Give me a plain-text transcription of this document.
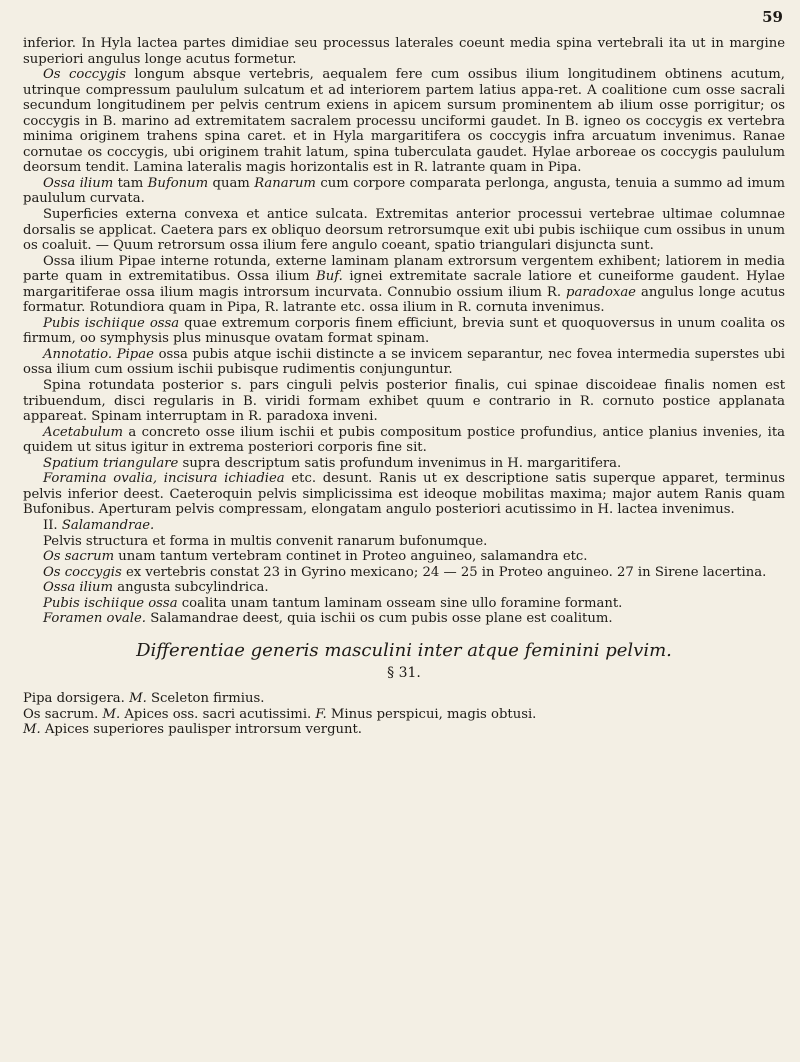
59

inferior. In Hyla lactea partes dimidiae seu processus laterales coeunt media spina vertebrali ita ut in margine superiori angulus longe acutus formetur.

Os coccygis longum absque vertebris, aequalem fere cum ossibus ilium longitudinem obtinens acutum, utrinque compressum paululum sulcatum et ad interiorem partem latius appa-ret. A coalitione cum osse sacrali secundum longitudinem per pelvis centrum exiens in apicem sursum prominentem ab ilium osse porrigitur; os coccygis in B. marino ad extremitatem sacralem processu unciformi gaudet. In B. igneo os coccygis ex vertebra minima originem trahens spina caret. et in Hyla margaritifera os coccygis infra arcuatum invenimus. Ranae cornutae os coccygis, ubi originem trahit latum, spina tuberculata gaudet. Hylae arboreae os coccygis paululum deorsum tendit. Lamina lateralis magis horizontalis est in R. latrante quam in Pipa.

Ossa ilium tam Bufonum quam Ranarum cum corpore comparata perlonga, angusta, tenuia a summo ad imum paululum curvata.

Superficies externa convexa et antice sulcata. Extremitas anterior processui vertebrae ultimae columnae dorsalis se applicat. Caetera pars ex obliquo deorsum retrorsumque exit ubi pubis ischiique cum ossibus in unum os coaluit. — Quum retrorsum ossa ilium fere angulo coeant, spatio triangulari disjuncta sunt.

Ossa ilium Pipae interne rotunda, externe laminam planam extrorsum vergentem exhibent; latiorem in media parte quam in extremitatibus. Ossa ilium Buf. ignei extremitate sacrale latiore et cuneiforme gaudent. Hylae margaritiferae ossa ilium magis introrsum incurvata. Connubio ossium ilium R. paradoxae angulus longe acutus formatur. Rotundiora quam in Pipa, R. latrante etc. ossa ilium in R. cornuta invenimus.

Pubis ischiique ossa quae extremum corporis finem efficiunt, brevia sunt et quoquoversus in unum coalita os firmum, oo symphysis plus minusque ovatam format spinam.

Annotatio. Pipae ossa pubis atque ischii distincte a se invicem separantur, nec fovea intermedia superstes ubi ossa ilium cum ossium ischii pubisque rudimentis conjunguntur.

Spina rotundata posterior s. pars cinguli pelvis posterior finalis, cui spinae discoideae finalis nomen est tribuendum, disci regularis in B. viridi formam exhibet quum e contrario in R. cornuto postice applanata appareat. Spinam interruptam in R. paradoxa inveni.

Acetabulum a concreto osse ilium ischii et pubis compositum postice profundius, antice planius invenies, ita quidem ut situs igitur in extrema posteriori corporis fine sit.

Spatium triangulare supra descriptum satis profundum invenimus in H. margaritifera.

Foramina ovalia, incisura ichiadiea etc. desunt. Ranis ut ex descriptione satis superque apparet, terminus pelvis inferior deest. Caeteroquin pelvis simplicissima est ideoque mobilitas maxima; major autem Ranis quam Bufonibus. Aperturam pelvis compressam, elongatam angulo posteriori acutissimo in H. lactea invenimus.

II. Salamandrae.

Pelvis structura et forma in multis convenit ranarum bufonumque.

Os sacrum unam tantum vertebram continet in Proteo anguineo, salamandra etc.

Os coccygis ex vertebris constat 23 in Gyrino mexicano; 24 — 25 in Proteo anguineo. 27 in Sirene lacertina.

Ossa ilium angusta subcylindrica.

Pubis ischiique ossa coalita unam tantum laminam osseam sine ullo foramine formant.

Foramen ovale. Salamandrae deest, quia ischii os cum pubis osse plane est coalitum.

Differentiae generis masculini inter atque feminini pelvim.
§ 31.

Pipa dorsigera. M. Sceleton firmius.

Os sacrum. M. Apices oss. sacri acutissimi. F. Minus perspicui, magis obtusi.

M. Apices superiores paulisper introrsum vergunt.
